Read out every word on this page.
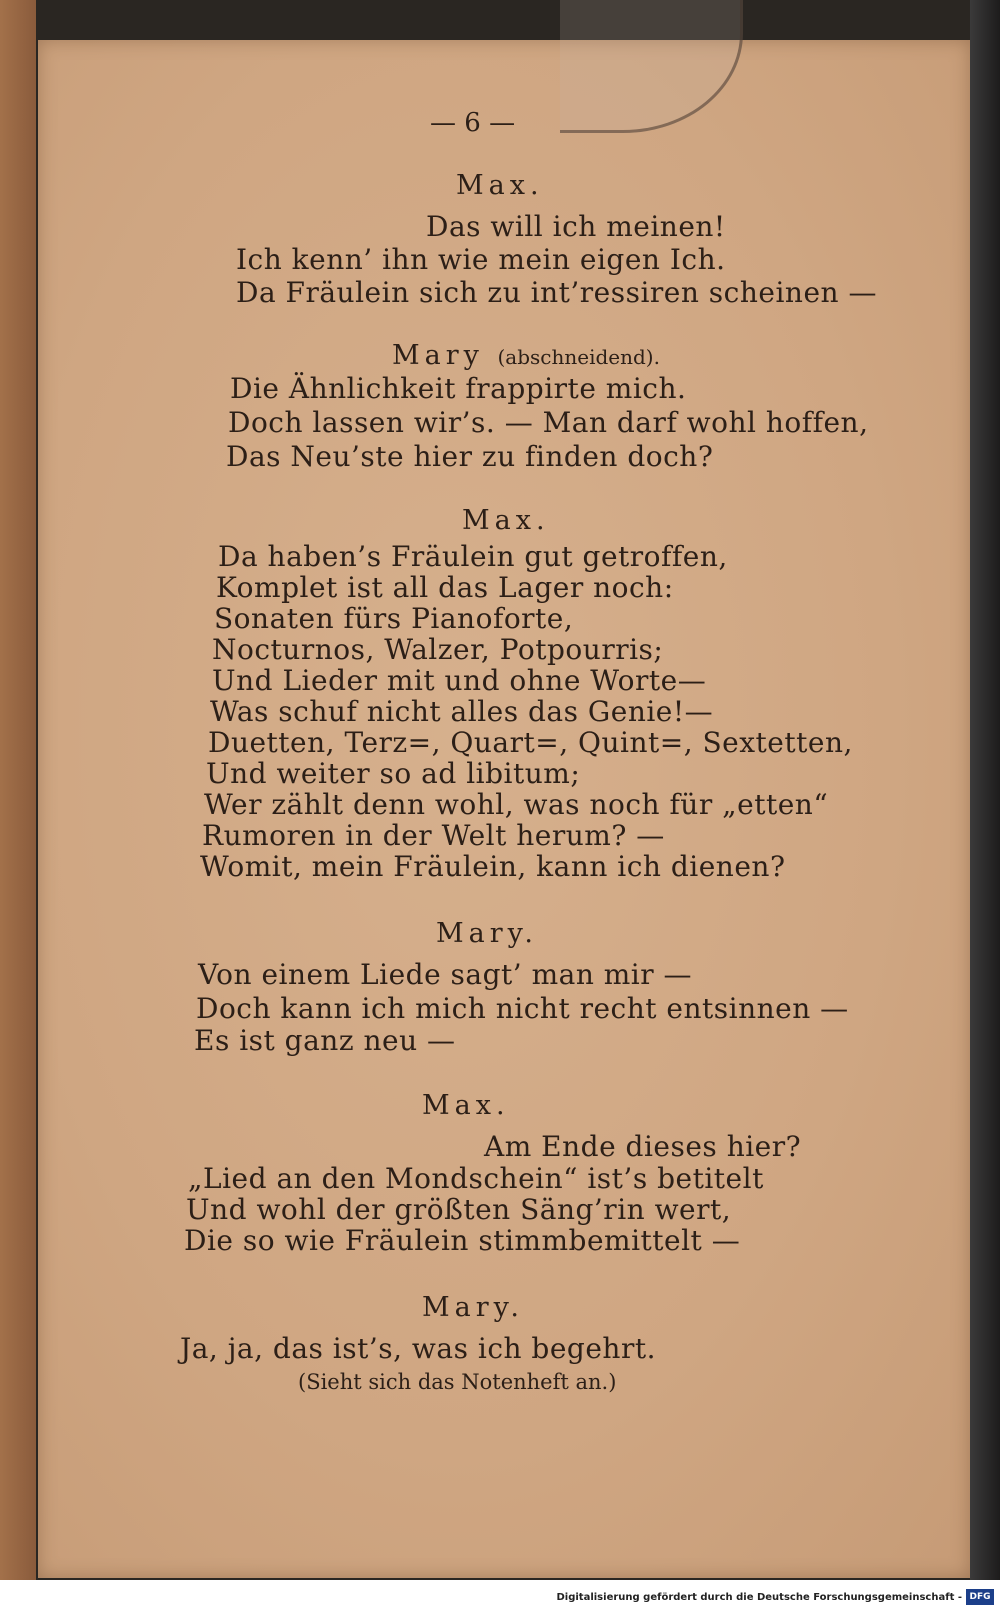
— 6 —
Max.
Das will ich meinen!
Ich kenn’ ihn wie mein eigen Ich.
Da Fräulein sich zu int’ressiren scheinen —
Mary (abschneidend).
Die Ähnlichkeit frappirte mich.
Doch lassen wir’s. — Man darf wohl hoffen,
Das Neu’ste hier zu finden doch?
Max.
Da haben’s Fräulein gut getroffen,
Komplet ist all das Lager noch:
Sonaten fürs Pianoforte,
Nocturnos, Walzer, Potpourris;
Und Lieder mit und ohne Worte—
Was schuf nicht alles das Genie!—
Duetten, Terz=, Quart=, Quint=, Sextetten,
Und weiter so ad libitum;
Wer zählt denn wohl, was noch für „etten“
Rumoren in der Welt herum? —
Womit, mein Fräulein, kann ich dienen?
Mary.
Von einem Liede sagt’ man mir —
Doch kann ich mich nicht recht entsinnen —
Es ist ganz neu —
Max.
Am Ende dieses hier?
„Lied an den Mondschein“ ist’s betitelt
Und wohl der größten Säng’rin wert,
Die so wie Fräulein stimmbemittelt —
Mary.
Ja, ja, das ist’s, was ich begehrt.
(Sieht sich das Notenheft an.)
Digitalisierung gefördert durch die Deutsche Forschungsgemeinschaft - DFG
